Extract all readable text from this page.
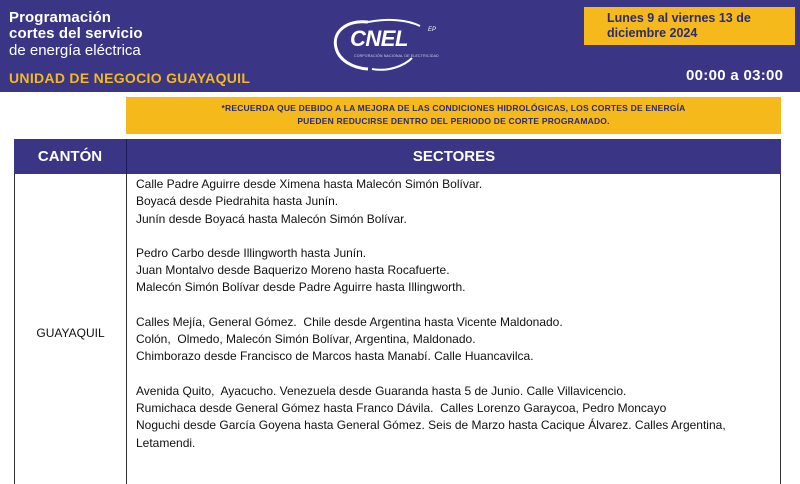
Programación
cortes del servicio
de energía eléctrica
UNIDAD DE NEGOCIO GUAYAQUIL
CNEL	EP
CORPORACIÓN NACIONAL DE ELECTRICIDAD
Lunes 9 al viernes 13 de
diciembre 2024
00:00 a 03:00
*RECUERDA QUE DEBIDO A LA MEJORA DE LAS CONDICIONES HIDROLÓGICAS, LOS CORTES DE ENERGÍA
PUEDEN REDUCIRSE DENTRO DEL PERIODO DE CORTE PROGRAMADO.
CANTÓN	SECTORES
GUAYAQUIL
Calle Padre Aguirre desde Ximena hasta Malecón Simón Bolívar.
Boyacá desde Piedrahita hasta Junín.
Junín desde Boyacá hasta Malecón Simón Bolívar.
Pedro Carbo desde Illingworth hasta Junín.
Juan Montalvo desde Baquerizo Moreno hasta Rocafuerte.
Malecón Simón Bolívar desde Padre Aguirre hasta Illingworth.
Calles Mejía, General Gómez.  Chile desde Argentina hasta Vicente Maldonado.
Colón,  Olmedo, Malecón Simón Bolívar, Argentina, Maldonado.
Chimborazo desde Francisco de Marcos hasta Manabí. Calle Huancavilca.
Avenida Quito,  Ayacucho. Venezuela desde Guaranda hasta 5 de Junio. Calle Villavicencio.
Rumichaca desde General Gómez hasta Franco Dávila.  Calles Lorenzo Garaycoa, Pedro Moncayo
Noguchi desde García Goyena hasta General Gómez. Seis de Marzo hasta Cacique Álvarez. Calles Argentina,
Letamendi.
